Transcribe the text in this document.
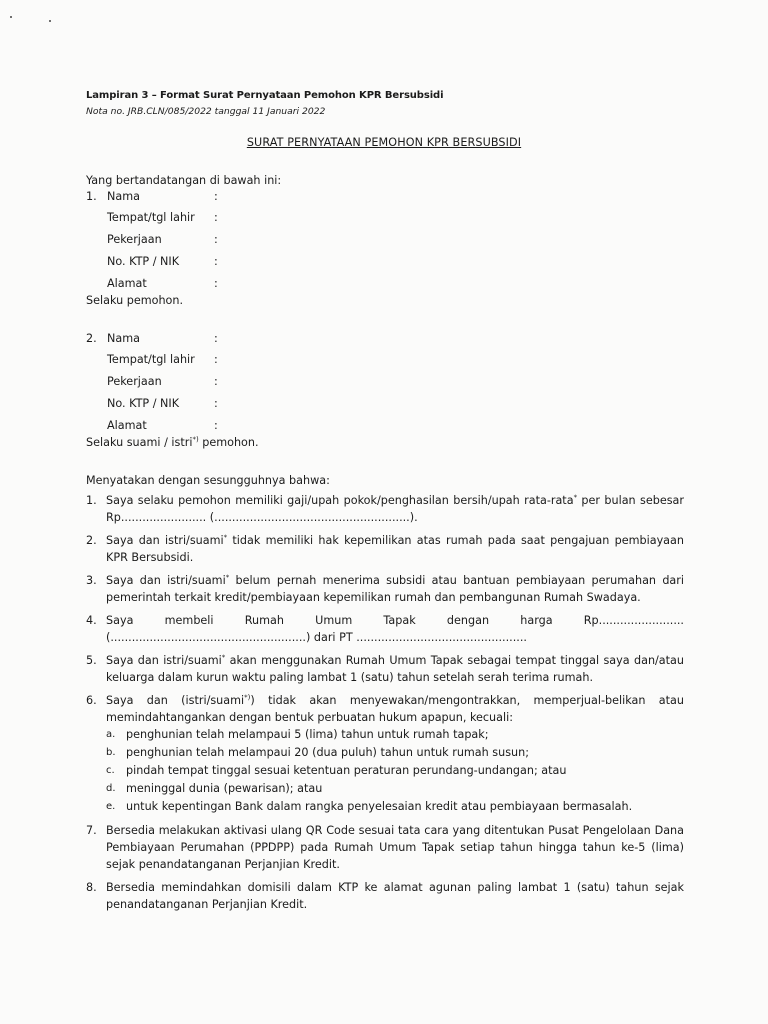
Lampiran 3 – Format Surat Pernyataan Pemohon KPR Bersubsidi
Nota no. JRB.CLN/085/2022 tanggal 11 Januari 2022
SURAT PERNYATAAN PEMOHON KPR BERSUBSIDI
Yang bertandatangan di bawah ini:
1. Nama	:
Tempat/tgl lahir :
Pekerjaan	:
No. KTP / NIK	:
Alamat	:
Selaku pemohon.
2. Nama	:
Tempat/tgl lahir :
Pekerjaan	:
No. KTP / NIK	:
Alamat	:
Selaku suami / istri*) pemohon.
Menyatakan dengan sesungguhnya bahwa:
1. Saya selaku pemohon memiliki gaji/upah pokok/penghasilan bersih/upah rata-rata* per bulan sebesar Rp........................ (.......................................................).
2. Saya dan istri/suami* tidak memiliki hak kepemilikan atas rumah pada saat pengajuan pembiayaan KPR Bersubsidi.
3. Saya dan istri/suami* belum pernah menerima subsidi atau bantuan pembiayaan perumahan dari pemerintah terkait kredit/pembiayaan kepemilikan rumah dan pembangunan Rumah Swadaya.
4. Saya membeli Rumah Umum Tapak dengan harga Rp........................ (.......................................................) dari PT ................................................
5. Saya dan istri/suami* akan menggunakan Rumah Umum Tapak sebagai tempat tinggal saya dan/atau keluarga dalam kurun waktu paling lambat 1 (satu) tahun setelah serah terima rumah.
6. Saya dan (istri/suami*)) tidak akan menyewakan/mengontrakkan, memperjual-belikan atau memindahtangankan dengan bentuk perbuatan hukum apapun, kecuali:
a. penghunian telah melampaui 5 (lima) tahun untuk rumah tapak;
b. penghunian telah melampaui 20 (dua puluh) tahun untuk rumah susun;
c. pindah tempat tinggal sesuai ketentuan peraturan perundang-undangan; atau
d. meninggal dunia (pewarisan); atau
e. untuk kepentingan Bank dalam rangka penyelesaian kredit atau pembiayaan bermasalah.
7. Bersedia melakukan aktivasi ulang QR Code sesuai tata cara yang ditentukan Pusat Pengelolaan Dana Pembiayaan Perumahan (PPDPP) pada Rumah Umum Tapak setiap tahun hingga tahun ke-5 (lima) sejak penandatanganan Perjanjian Kredit.
8. Bersedia memindahkan domisili dalam KTP ke alamat agunan paling lambat 1 (satu) tahun sejak penandatanganan Perjanjian Kredit.
